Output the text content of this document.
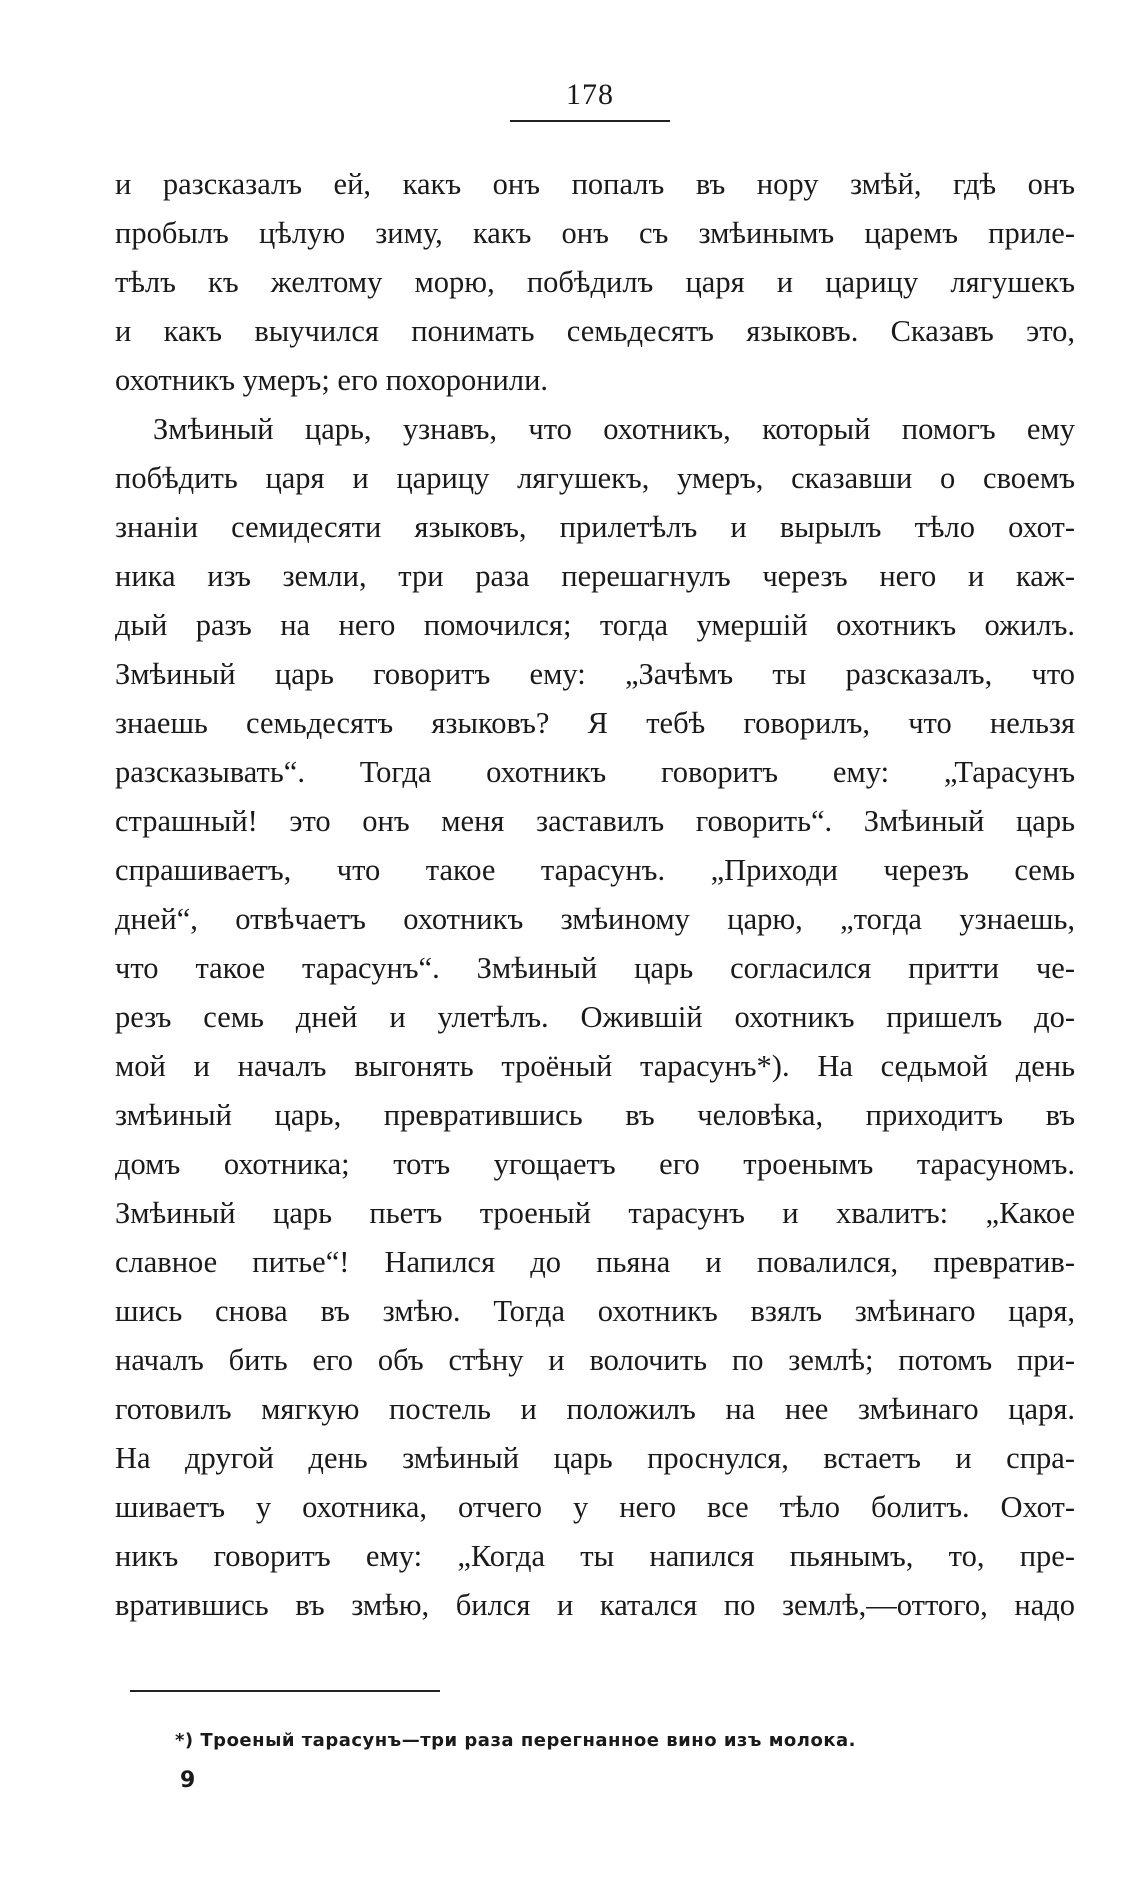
178
и разсказалъ ей, какъ онъ попалъ въ нору змѣй, гдѣ онъ
пробылъ цѣлую зиму, какъ онъ съ змѣинымъ царемъ приле-
тѣлъ къ желтому морю, побѣдилъ царя и царицу лягушекъ
и какъ выучился понимать семьдесятъ языковъ. Сказавъ это,
охотникъ умеръ; его похоронили.
Змѣиный царь, узнавъ, что охотникъ, который помогъ ему
побѣдить царя и царицу лягушекъ, умеръ, сказавши о своемъ
знаніи семидесяти языковъ, прилетѣлъ и вырылъ тѣло охот-
ника изъ земли, три раза перешагнулъ черезъ него и каж-
дый разъ на него помочился; тогда умершій охотникъ ожилъ.
Змѣиный царь говоритъ ему: „Зачѣмъ ты разсказалъ, что
знаешь семьдесятъ языковъ? Я тебѣ говорилъ, что нельзя
разсказывать“. Тогда охотникъ говоритъ ему: „Тарасунъ
страшный! это онъ меня заставилъ говорить“. Змѣиный царь
спрашиваетъ, что такое тарасунъ. „Приходи черезъ семь
дней“, отвѣчаетъ охотникъ змѣиному царю, „тогда узнаешь,
что такое тарасунъ“. Змѣиный царь согласился притти че-
резъ семь дней и улетѣлъ. Ожившій охотникъ пришелъ до-
мой и началъ выгонять троёный тарасунъ*). На седьмой день
змѣиный царь, превратившись въ человѣка, приходитъ въ
домъ охотника; тотъ угощаетъ его троенымъ тарасуномъ.
Змѣиный царь пьетъ троеный тарасунъ и хвалитъ: „Какое
славное питье“! Напился до пьяна и повалился, превратив-
шись снова въ змѣю. Тогда охотникъ взялъ змѣинаго царя,
началъ бить его объ стѣну и волочить по землѣ; потомъ при-
готовилъ мягкую постель и положилъ на нее змѣинаго царя.
На другой день змѣиный царь проснулся, встаетъ и спра-
шиваетъ у охотника, отчего у него все тѣло болитъ. Охот-
никъ говоритъ ему: „Когда ты напился пьянымъ, то, пре-
вратившись въ змѣю, бился и катался по землѣ,—оттого, надо
*) Троеный тарасунъ—три раза перегнанное вино изъ молока.
9
